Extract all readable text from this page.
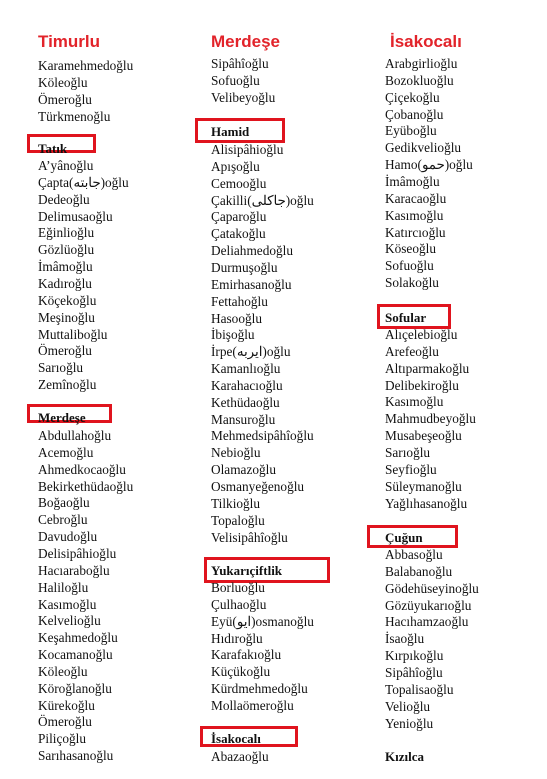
Timurlu
Karamehmedoğlu
Köleoğlu
Ömeroğlu
Türkmenoğlu
Tatık
A’yânoğlu
Çapta(جابته)oğlu
Dedeoğlu
Delimusaoğlu
Eğinlioğlu
Gözlüoğlu
İmâmoğlu
Kadıroğlu
Köçekoğlu
Meşinoğlu
Muttaliboğlu
Ömeroğlu
Sarıoğlu
Zemînoğlu
Merdeşe
Abdullahoğlu
Acemoğlu
Ahmedkocaoğlu
Bekirkethüdaoğlu
Boğaoğlu
Cebroğlu
Davudoğlu
Delisipâhioğlu
Hacıaraboğlu
Haliloğlu
Kasımoğlu
Kelvelioğlu
Keşahmedoğlu
Kocamanoğlu
Köleoğlu
Köroğlanoğlu
Kürekoğlu
Ömeroğlu
Piliçoğlu
Sarıhasanoğlu
Merdeşe
Sipâhîoğlu
Sofuoğlu
Velibeyoğlu
Hamid
Alisipâhioğlu
Apışoğlu
Cemooğlu
Çakilli(جاكلى)oğlu
Çaparoğlu
Çatakoğlu
Deliahmedoğlu
Durmuşoğlu
Emirhasanoğlu
Fettahoğlu
Hasooğlu
İbişoğlu
İrpe(ايربه)oğlu
Kamanlıoğlu
Karahacıoğlu
Kethüdaoğlu
Mansuroğlu
Mehmedsipâhîoğlu
Nebioğlu
Olamazoğlu
Osmanyeğenoğlu
Tilkioğlu
Topaloğlu
Velisipâhîoğlu
Yukarıçiftlik
Borluoğlu
Çulhaoğlu
Eyü(ايو)osmanoğlu
Hıdıroğlu
Karafakıoğlu
Küçükoğlu
Kürdmehmedoğlu
Mollaömeroğlu
İsakocalı
Abazaoğlu
İsakocalı
Arabgirlioğlu
Bozokluoğlu
Çiçekoğlu
Çobanoğlu
Eyüboğlu
Gedikvelioğlu
Hamo(حمو)oğlu
İmâmoğlu
Karacaoğlu
Kasımoğlu
Katırcıoğlu
Köseoğlu
Sofuoğlu
Solakoğlu
Sofular
Alıçelebioğlu
Arefeoğlu
Altıparmakoğlu
Delibekiroğlu
Kasımoğlu
Mahmudbeyoğlu
Musabeşeoğlu
Sarıoğlu
Seyfioğlu
Süleymanoğlu
Yağlıhasanoğlu
Çuğun
Abbasoğlu
Balabanoğlu
Gödehüseyinoğlu
Gözüyukarıoğlu
Hacıhamzaoğlu
İsaoğlu
Kırpıkoğlu
Sipâhîoğlu
Topalisaoğlu
Velioğlu
Yenioğlu
Kızılca
